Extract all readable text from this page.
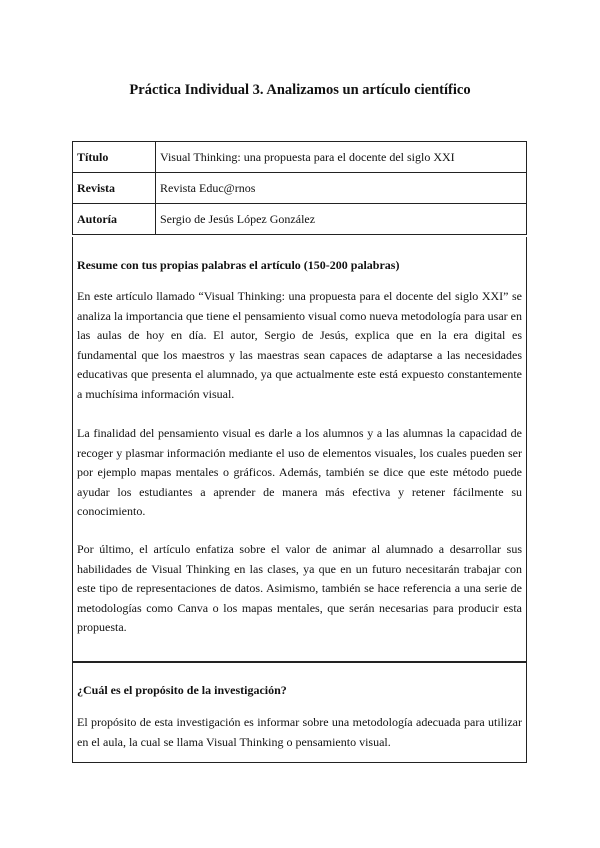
Práctica Individual 3. Analizamos un artículo científico
Título	Visual Thinking: una propuesta para el docente del siglo XXI
Revista	Revista Educ@rnos
Autoría	Sergio de Jesús López González

Resume con tus propias palabras el artículo (150-200 palabras)

En este artículo llamado “Visual Thinking: una propuesta para el docente del siglo XXI” se analiza la importancia que tiene el pensamiento visual como nueva metodología para usar en las aulas de hoy en día. El autor, Sergio de Jesús, explica que en la era digital es fundamental que los maestros y las maestras sean capaces de adaptarse a las necesidades educativas que presenta el alumnado, ya que actualmente este está expuesto constantemente a muchísima información visual.

La finalidad del pensamiento visual es darle a los alumnos y a las alumnas la capacidad de recoger y plasmar información mediante el uso de elementos visuales, los cuales pueden ser por ejemplo mapas mentales o gráficos. Además, también se dice que este método puede ayudar los estudiantes a aprender de manera más efectiva y retener fácilmente su conocimiento.

Por último, el artículo enfatiza sobre el valor de animar al alumnado a desarrollar sus habilidades de Visual Thinking en las clases, ya que en un futuro necesitarán trabajar con este tipo de representaciones de datos. Asimismo, también se hace referencia a una serie de metodologías como Canva o los mapas mentales, que serán necesarias para producir esta propuesta.

¿Cuál es el propósito de la investigación?

El propósito de esta investigación es informar sobre una metodología adecuada para utilizar en el aula, la cual se llama Visual Thinking o pensamiento visual.
